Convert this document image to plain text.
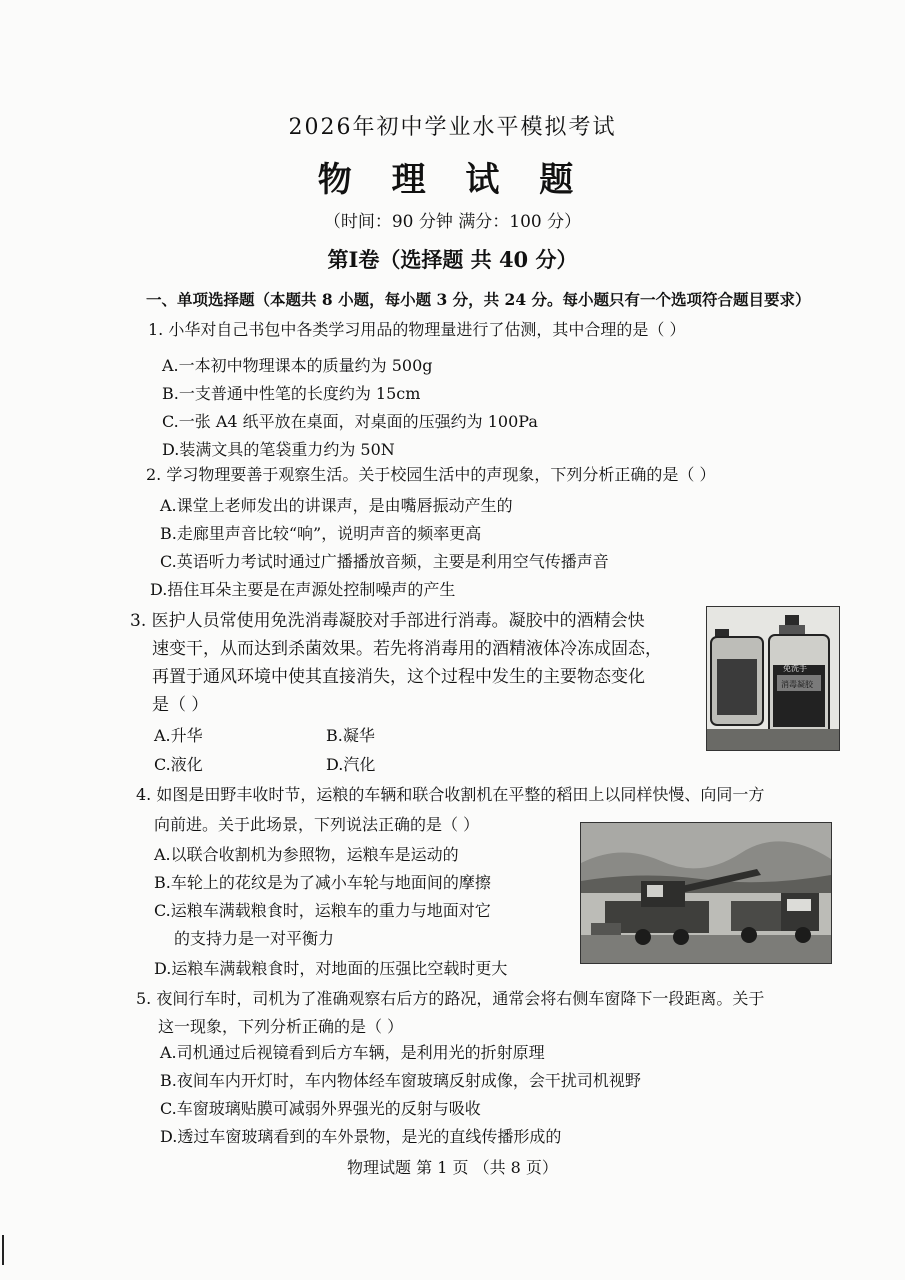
2026年初中学业水平模拟考试
物 理 试 题
（时间：90 分钟 满分：100 分）
第Ⅰ卷（选择题 共 40 分）
一、单项选择题（本题共 8 小题，每小题 3 分，共 24 分。每小题只有一个选项符合题目要求）
1. 小华对自己书包中各类学习用品的物理量进行了估测，其中合理的是（ ）
A.一本初中物理课本的质量约为 500g
B.一支普通中性笔的长度约为 15cm
C.一张 A4 纸平放在桌面，对桌面的压强约为 100Pa
D.装满文具的笔袋重力约为 50N
2. 学习物理要善于观察生活。关于校园生活中的声现象，下列分析正确的是（ ）
A.课堂上老师发出的讲课声，是由嘴唇振动产生的
B.走廊里声音比较“响”，说明声音的频率更高
C.英语听力考试时通过广播播放音频，主要是利用空气传播声音
D.捂住耳朵主要是在声源处控制噪声的产生
3. 医护人员常使用免洗消毒凝胶对手部进行消毒。凝胶中的酒精会快
速变干，从而达到杀菌效果。若先将消毒用的酒精液体冷冻成固态，
再置于通风环境中使其直接消失，这个过程中发生的主要物态变化
是（ ）
A.升华	B.凝华
C.液化	D.汽化
免洗手
消毒凝胶
4. 如图是田野丰收时节，运粮的车辆和联合收割机在平整的稻田上以同样快慢、向同一方
向前进。关于此场景，下列说法正确的是（ ）
A.以联合收割机为参照物，运粮车是运动的
B.车轮上的花纹是为了减小车轮与地面间的摩擦
C.运粮车满载粮食时，运粮车的重力与地面对它
的支持力是一对平衡力
D.运粮车满载粮食时，对地面的压强比空载时更大
5. 夜间行车时，司机为了准确观察右后方的路况，通常会将右侧车窗降下一段距离。关于
这一现象，下列分析正确的是（ ）
A.司机通过后视镜看到后方车辆，是利用光的折射原理
B.夜间车内开灯时，车内物体经车窗玻璃反射成像，会干扰司机视野
C.车窗玻璃贴膜可减弱外界强光的反射与吸收
D.透过车窗玻璃看到的车外景物，是光的直线传播形成的
物理试题 第 1 页 （共 8 页）
